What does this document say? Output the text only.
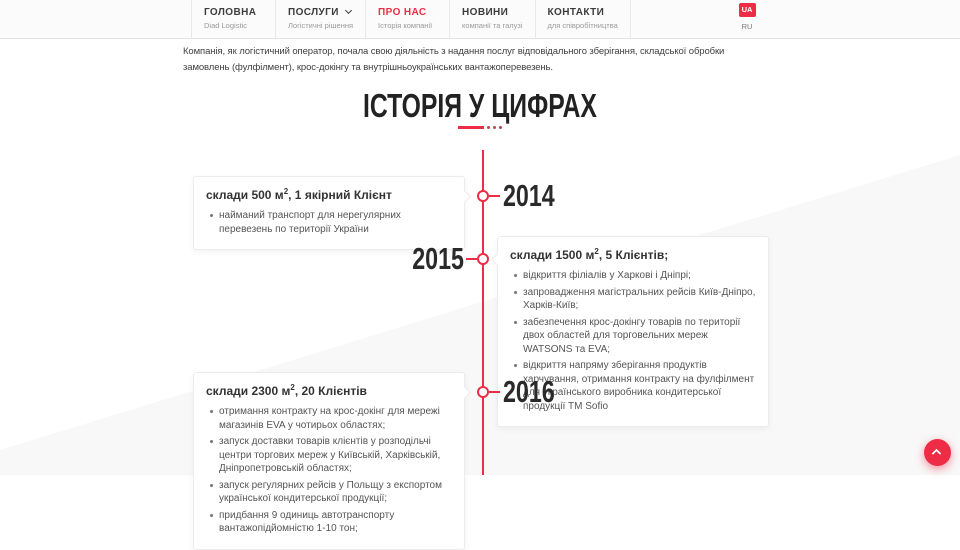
ГОЛОВНА
Diad Logistic
ПОСЛУГИ
Логістичні рішення
ПРО НАС
Історія компанії
НОВИНИ
компанії та галузі
КОНТАКТИ
для співробітництва
UA
RU

Компанія, як логістичний оператор, почала свою діяльність з надання послуг відповідального зберігання, складської обробки замовлень (фулфілмент), крос-докінгу та внутрішньоукраїнських вантажоперевезень.

ІСТОРІЯ У ЦИФРАХ
склади 500 $м^2$, 1 якірний Клієнт
найманий транспорт для нерегулярних перевезень по території України
2014
2015	склади 1500 $м^2$, 5 Клієнтів;
відкриття філіалів у Харкові і Дніпрі;
запровадження магістральних рейсів Київ-Дніпро, Харків-Київ;
забезпечення крос-докінгу товарів по території двох областей для торговельних мереж WATSONS та EVA;
відкриття напряму зберігання продуктів харчування, отримання контракту на фулфілмент для українського виробника кондитерської продукції TM Sofio
склади 2300 $м^2$, 20 Клієнтів
отримання контракту на крос-докінг для мережі магазинів EVA у чотирьох областях;
запуск доставки товарів клієнтів у розподільчі центри торгових мереж у Київській, Харківській, Дніпропетровській областях;
запуск регулярних рейсів у Польщу з експортом української кондитерської продукції;
придбання 9 одиниць автотранспорту вантажопідйомністю 1-10 тон;
2016
